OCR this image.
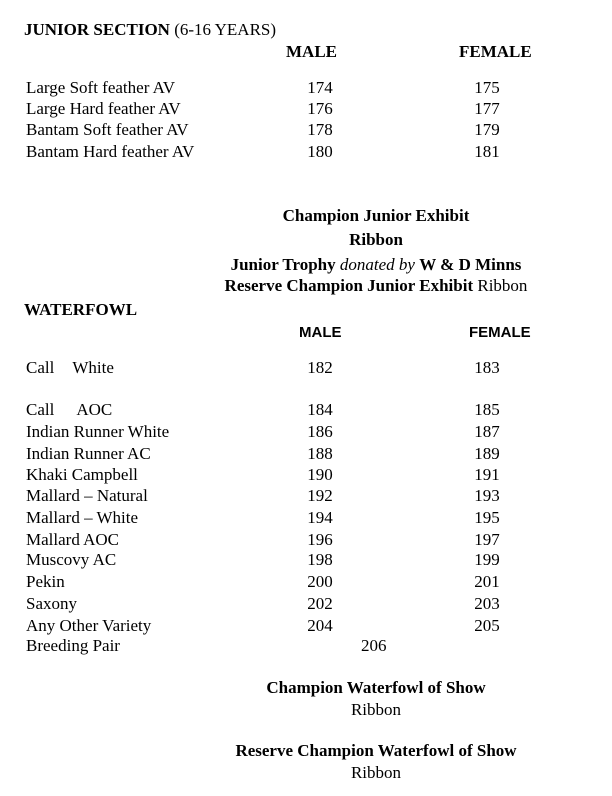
JUNIOR SECTION (6-16 YEARS)
MALE	FEMALE
Large Soft feather AV	174	175
Large Hard feather AV	176	177
Bantam Soft feather AV	178	179
Bantam Hard feather AV	180	181
Champion Junior Exhibit
Ribbon
Junior Trophy donated by W & D Minns
Reserve Champion Junior Exhibit Ribbon
WATERFOWL
MALE	FEMALE
Call White	182	183
Call AOC	184	185
Indian Runner White	186	187
Indian Runner AC	188	189
Khaki Campbell	190	191
Mallard – Natural	192	193
Mallard – White	194	195
Mallard AOC	196	197
Muscovy AC	198	199
Pekin	200	201
Saxony	202	203
Any Other Variety	204	205
Breeding Pair	206
Champion Waterfowl of Show
Ribbon
Reserve Champion Waterfowl of Show
Ribbon
